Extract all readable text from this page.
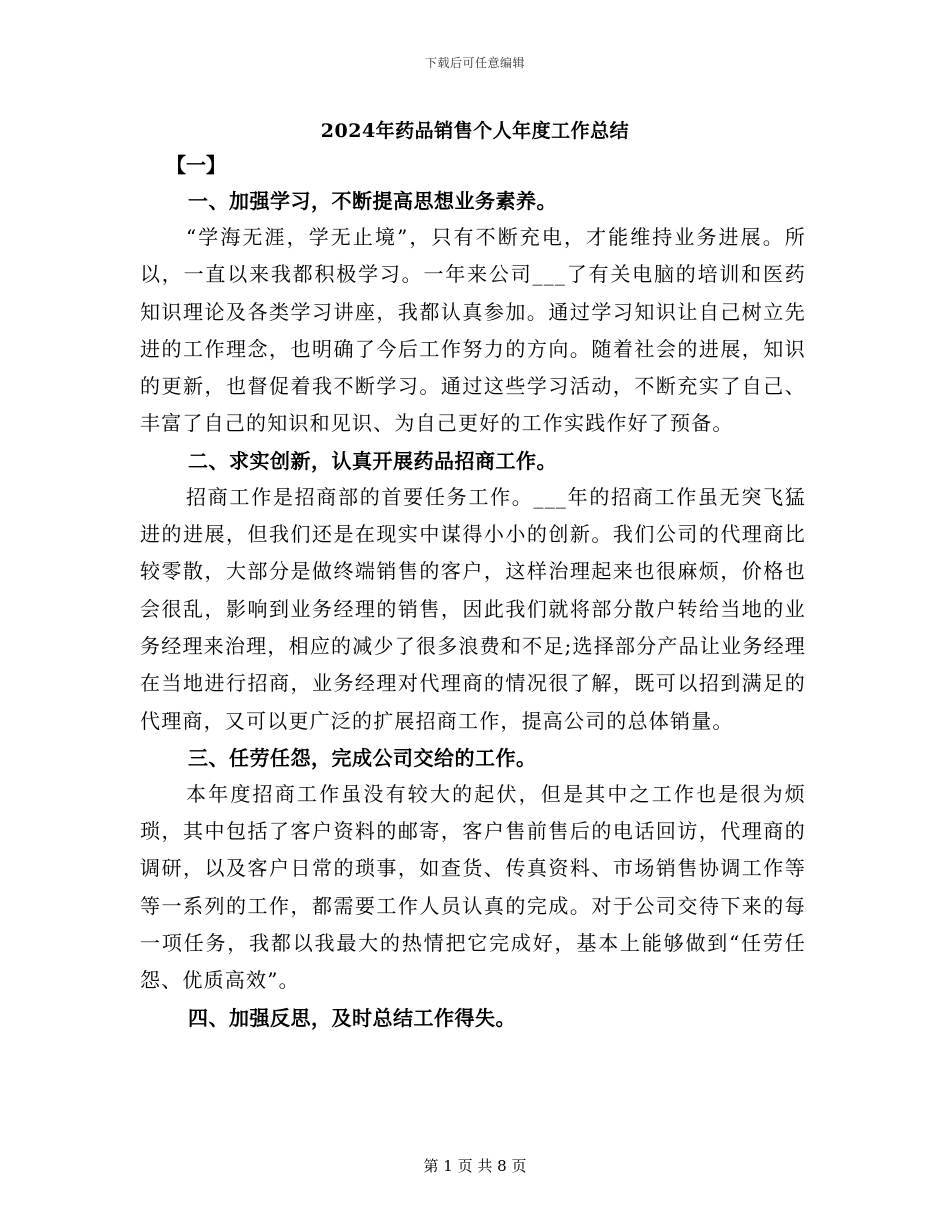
下载后可任意编辑
2024年药品销售个人年度工作总结
【一】
一、加强学习，不断提高思想业务素养。

“学海无涯，学无止境”，只有不断充电，才能维持业务进展。所以，一直以来我都积极学习。一年来公司___了有关电脑的培训和医药知识理论及各类学习讲座，我都认真参加。通过学习知识让自己树立先进的工作理念，也明确了今后工作努力的方向。随着社会的进展，知识的更新，也督促着我不断学习。通过这些学习活动，不断充实了自己、丰富了自己的知识和见识、为自己更好的工作实践作好了预备。

二、求实创新，认真开展药品招商工作。

招商工作是招商部的首要任务工作。___年的招商工作虽无突飞猛进的进展，但我们还是在现实中谋得小小的创新。我们公司的代理商比较零散，大部分是做终端销售的客户，这样治理起来也很麻烦，价格也会很乱，影响到业务经理的销售，因此我们就将部分散户转给当地的业务经理来治理，相应的减少了很多浪费和不足;选择部分产品让业务经理在当地进行招商，业务经理对代理商的情况很了解，既可以招到满足的代理商，又可以更广泛的扩展招商工作，提高公司的总体销量。

三、任劳任怨，完成公司交给的工作。

本年度招商工作虽没有较大的起伏，但是其中之工作也是很为烦琐，其中包括了客户资料的邮寄，客户售前售后的电话回访，代理商的调研，以及客户日常的琐事，如查货、传真资料、市场销售协调工作等等一系列的工作，都需要工作人员认真的完成。对于公司交待下来的每一项任务，我都以我最大的热情把它完成好，基本上能够做到“任劳任怨、优质高效”。

四、加强反思，及时总结工作得失。
第 1 页 共 8 页
